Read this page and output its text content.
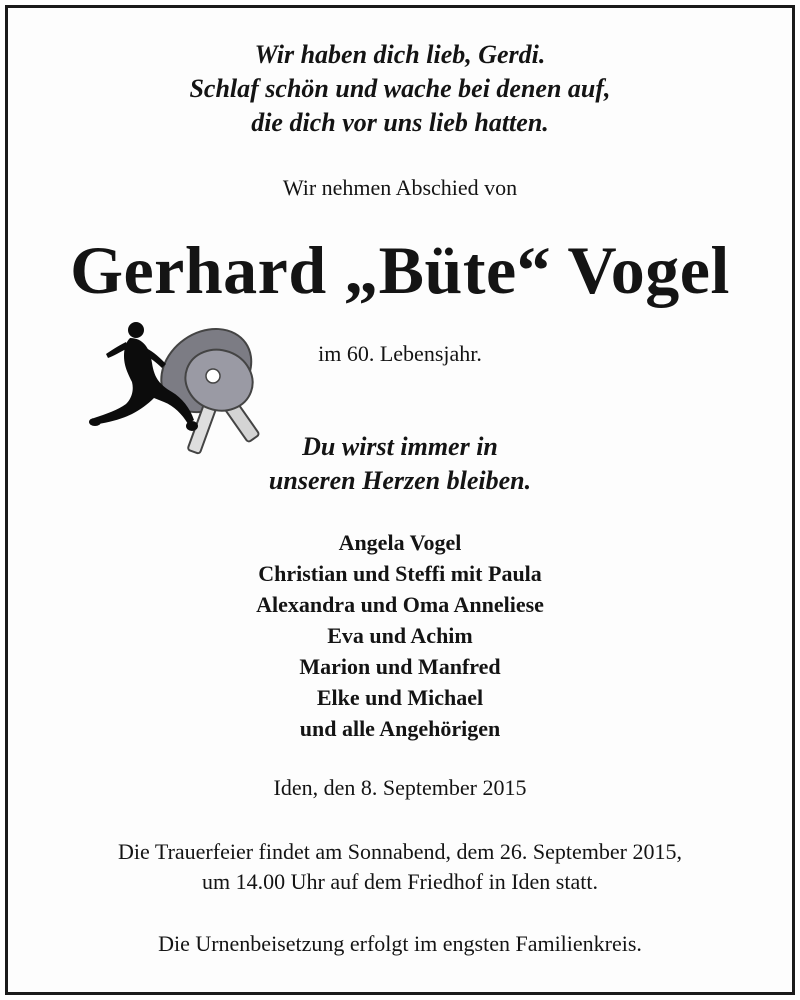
Wir haben dich lieb, Gerdi.
Schlaf schön und wache bei denen auf,
die dich vor uns lieb hatten.
Wir nehmen Abschied von
Gerhard „Büte“ Vogel
im 60. Lebensjahr.
Du wirst immer in
unseren Herzen bleiben.
Angela Vogel
Christian und Steffi mit Paula
Alexandra und Oma Anneliese
Eva und Achim
Marion und Manfred
Elke und Michael
und alle Angehörigen
Iden, den 8. September 2015
Die Trauerfeier findet am Sonnabend, dem 26. September 2015,
um 14.00 Uhr auf dem Friedhof in Iden statt.
Die Urnenbeisetzung erfolgt im engsten Familienkreis.
